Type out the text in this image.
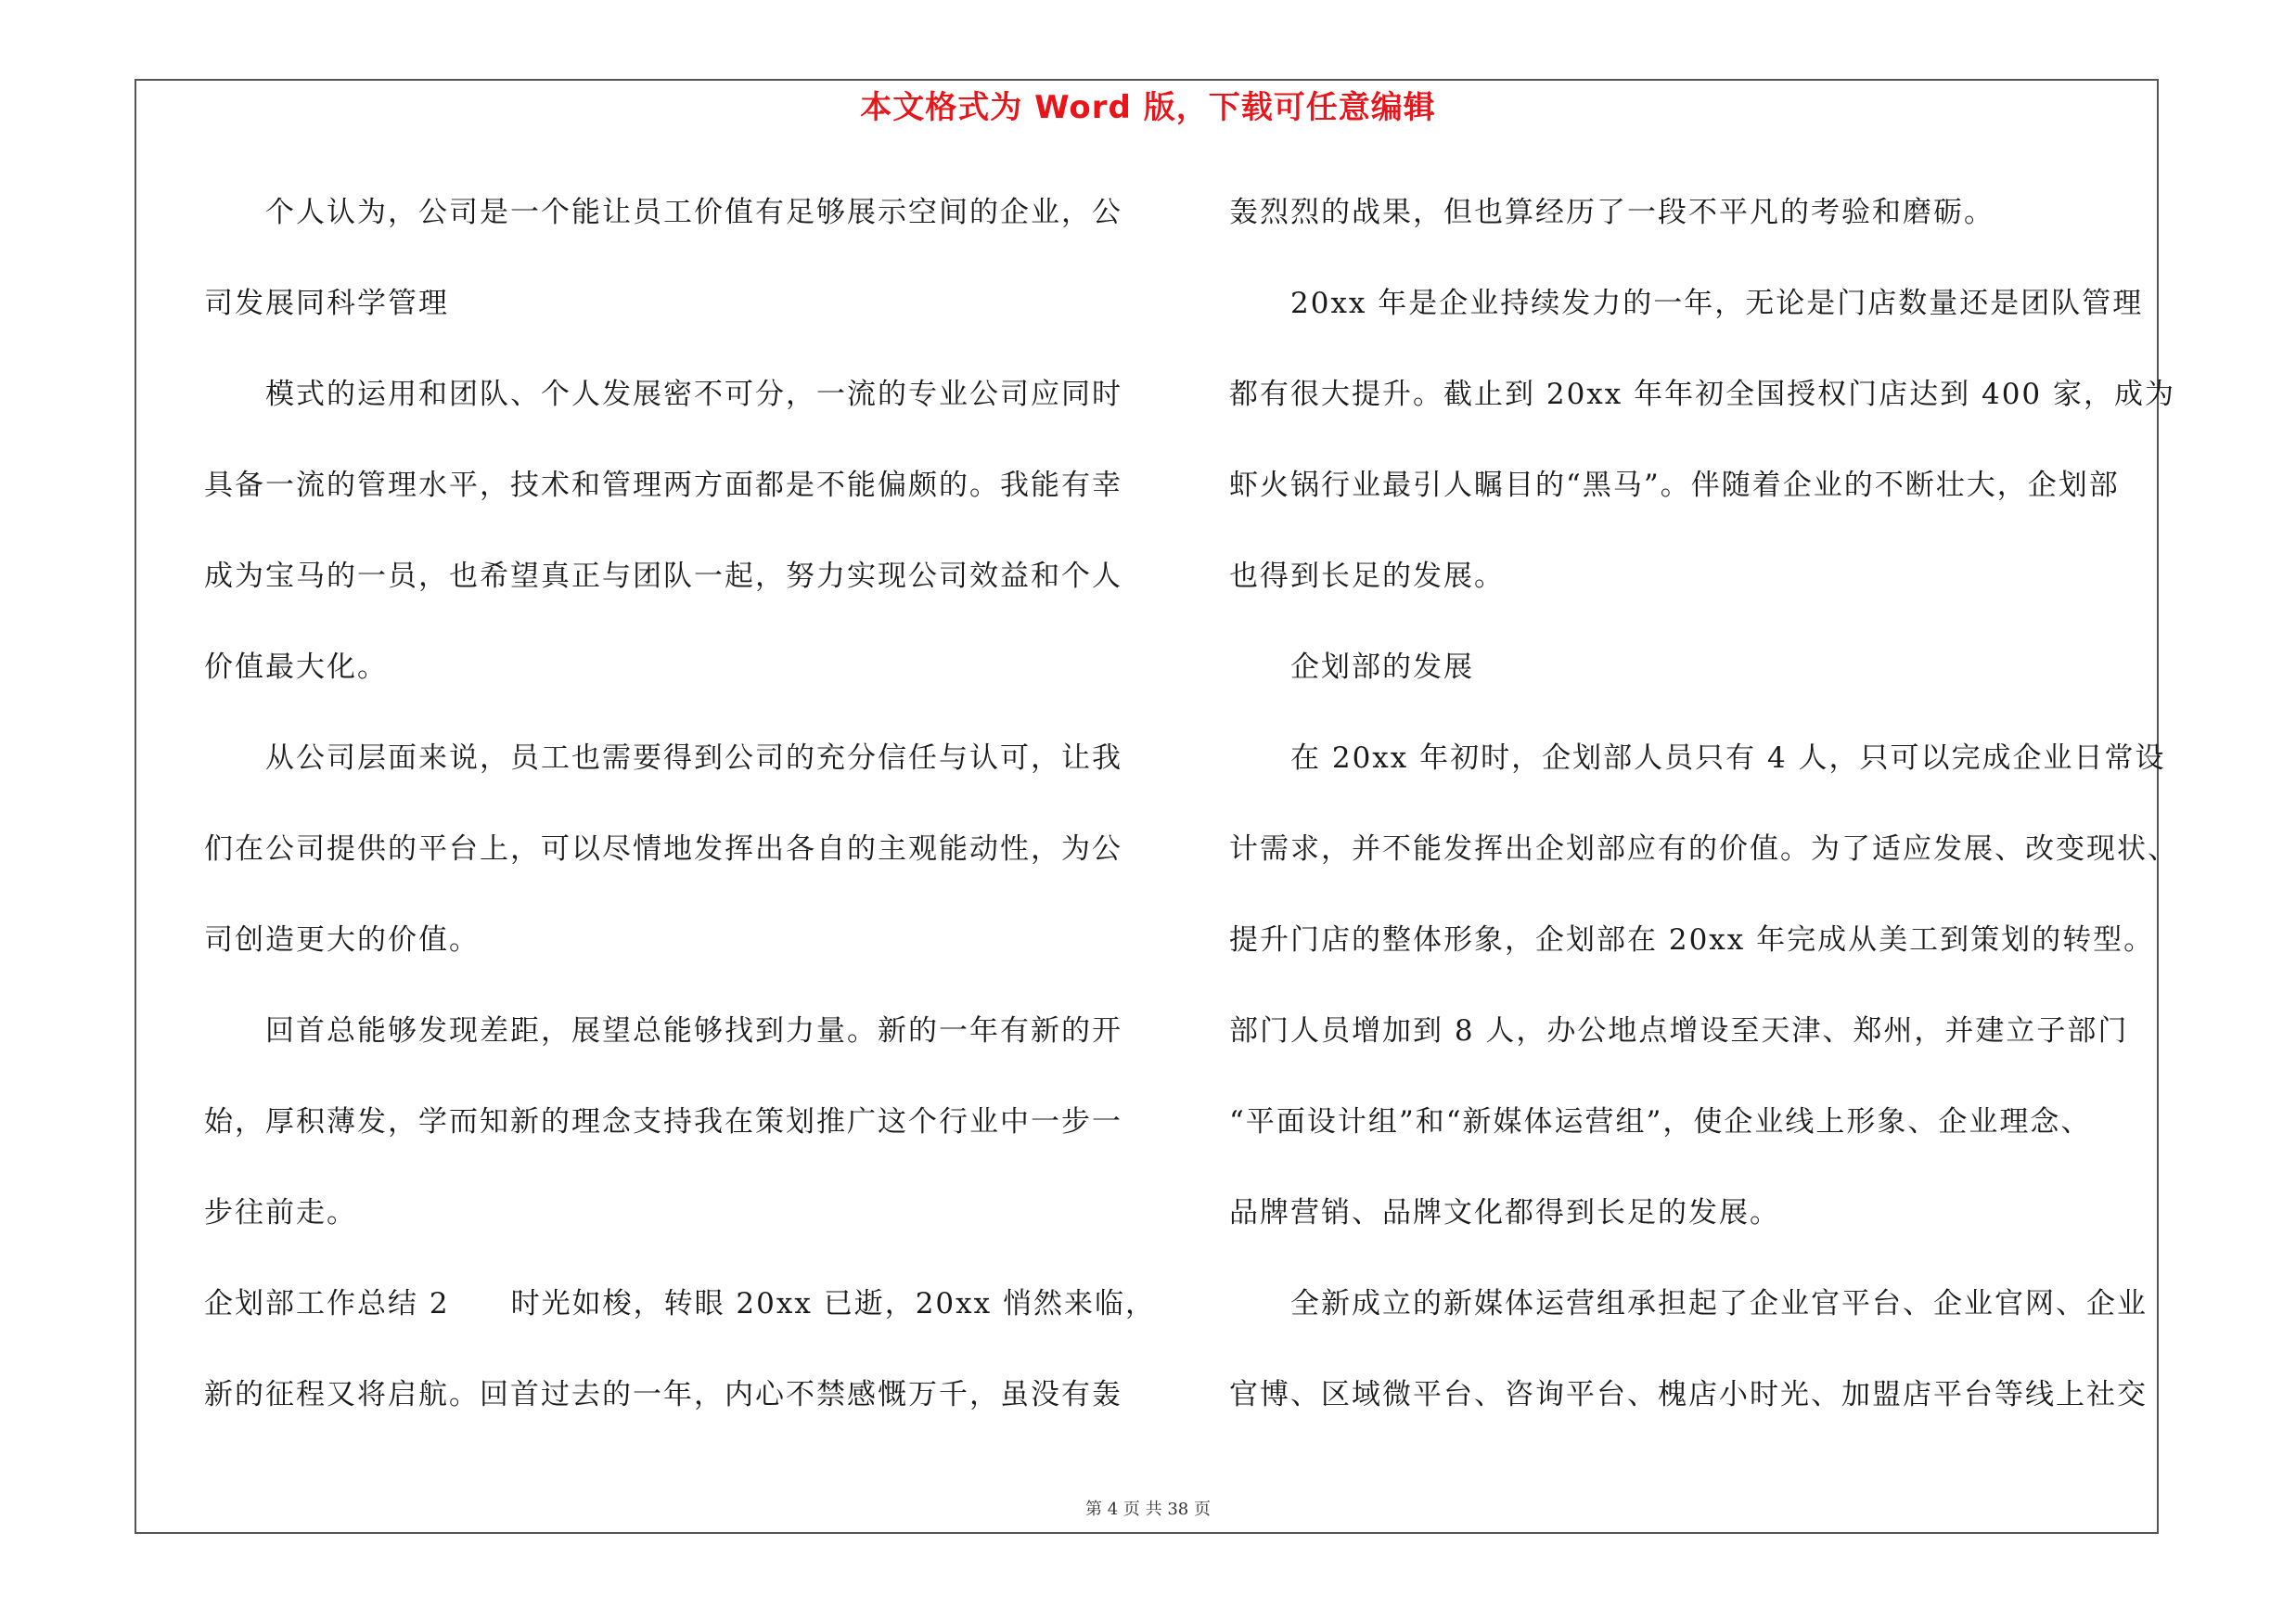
本文格式为 Word 版，下载可任意编辑
个人认为，公司是一个能让员工价值有足够展示空间的企业，公
司发展同科学管理
模式的运用和团队、个人发展密不可分，一流的专业公司应同时
具备一流的管理水平，技术和管理两方面都是不能偏颇的。我能有幸
成为宝马的一员，也希望真正与团队一起，努力实现公司效益和个人
价值最大化。
从公司层面来说，员工也需要得到公司的充分信任与认可，让我
们在公司提供的平台上，可以尽情地发挥出各自的主观能动性，为公
司创造更大的价值。
回首总能够发现差距，展望总能够找到力量。新的一年有新的开
始，厚积薄发，学而知新的理念支持我在策划推广这个行业中一步一
步往前走。
企划部工作总结 2　　时光如梭，转眼 20xx 已逝，20xx 悄然来临，
新的征程又将启航。回首过去的一年，内心不禁感慨万千，虽没有轰
轰烈烈的战果，但也算经历了一段不平凡的考验和磨砺。
20xx 年是企业持续发力的一年，无论是门店数量还是团队管理
都有很大提升。截止到 20xx 年年初全国授权门店达到 400 家，成为
虾火锅行业最引人瞩目的“黑马”。伴随着企业的不断壮大，企划部
也得到长足的发展。
企划部的发展
在 20xx 年初时，企划部人员只有 4 人，只可以完成企业日常设
计需求，并不能发挥出企划部应有的价值。为了适应发展、改变现状、
提升门店的整体形象，企划部在 20xx 年完成从美工到策划的转型。
部门人员增加到 8 人，办公地点增设至天津、郑州，并建立子部门
“平面设计组”和“新媒体运营组”，使企业线上形象、企业理念、
品牌营销、品牌文化都得到长足的发展。
全新成立的新媒体运营组承担起了企业官平台、企业官网、企业
官博、区域微平台、咨询平台、槐店小时光、加盟店平台等线上社交
第 4 页 共 38 页
